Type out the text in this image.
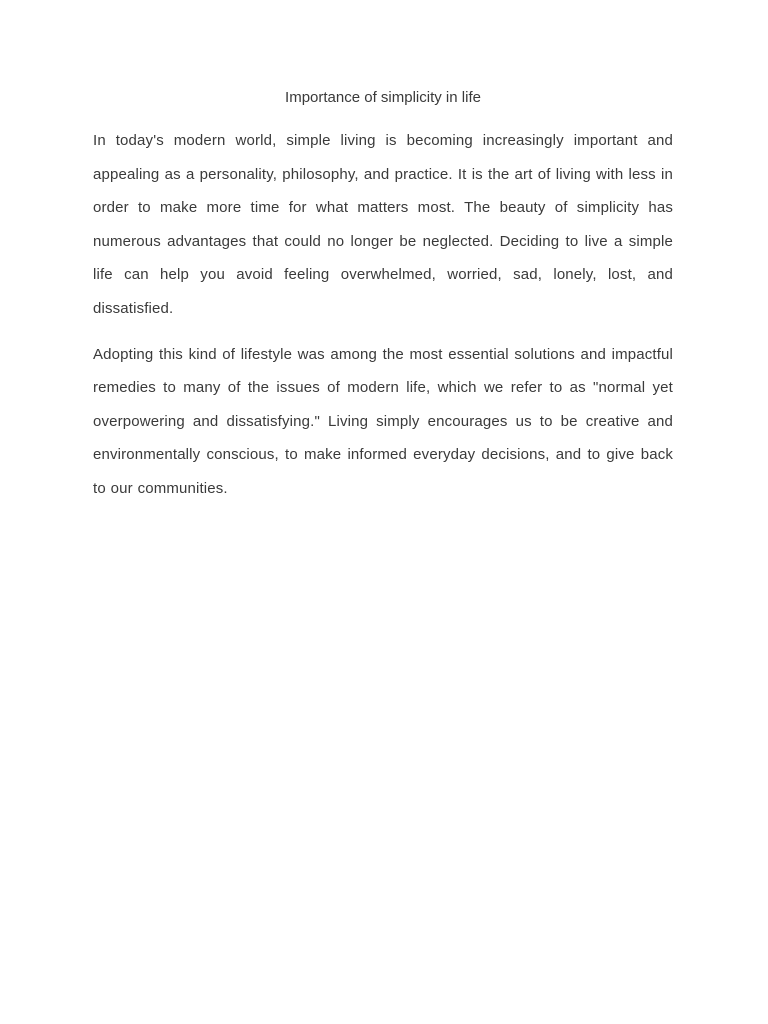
Importance of simplicity in life

In today's modern world, simple living is becoming increasingly important and appealing as a personality, philosophy, and practice. It is the art of living with less in order to make more time for what matters most. The beauty of simplicity has numerous advantages that could no longer be neglected. Deciding to live a simple life can help you avoid feeling overwhelmed, worried, sad, lonely, lost, and dissatisfied.

Adopting this kind of lifestyle was among the most essential solutions and impactful remedies to many of the issues of modern life, which we refer to as "normal yet overpowering and dissatisfying." Living simply encourages us to be creative and environmentally conscious, to make informed everyday decisions, and to give back to our communities.
